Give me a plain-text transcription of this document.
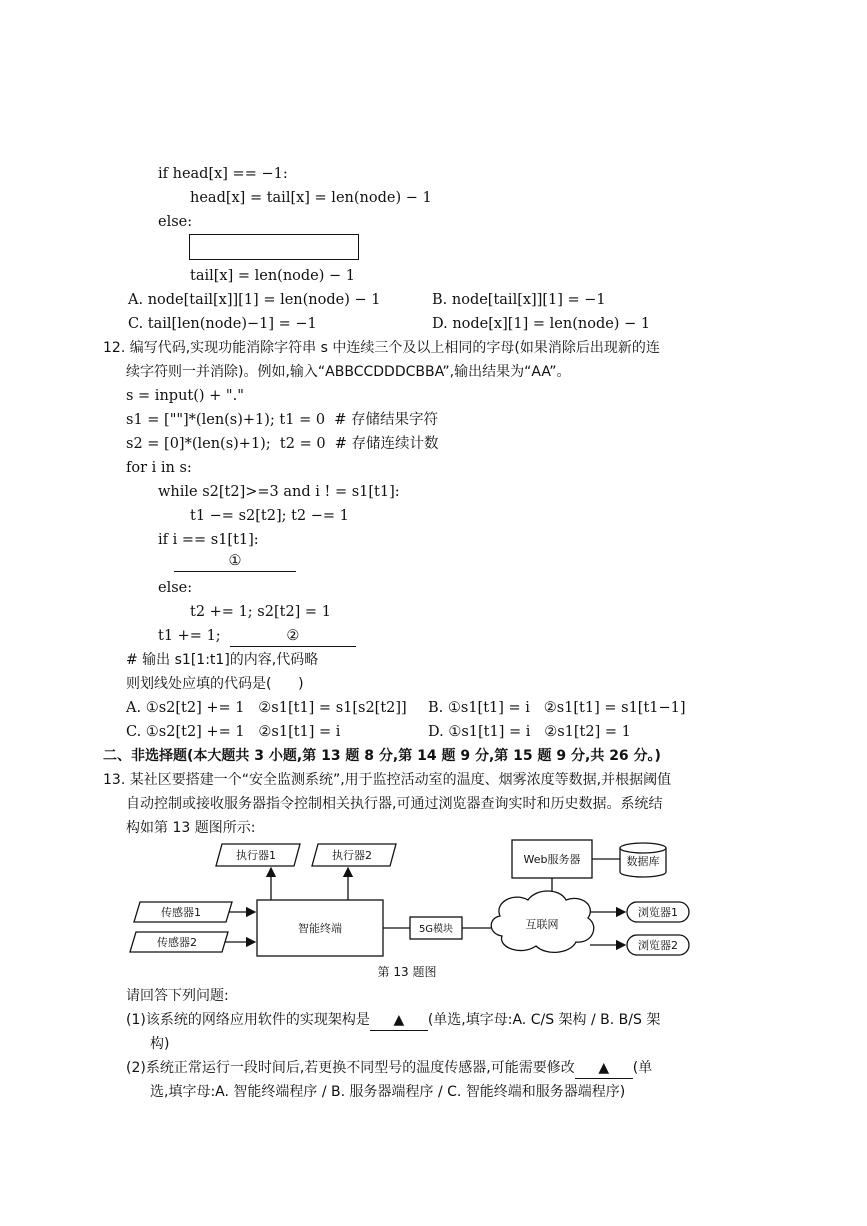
if head[x] == −1:
head[x] = tail[x] = len(node) − 1
else:
tail[x] = len(node) − 1
A. node[tail[x]][1] = len(node) − 1	B. node[tail[x]][1] = −1
C. tail[len(node)−1] = −1	D. node[x][1] = len(node) − 1
12. 编写代码,实现功能消除字符串 s 中连续三个及以上相同的字母(如果消除后出现新的连
续字符则一并消除)。例如,输入“ABBCCDDDCBBA”,输出结果为“AA”。
s = input() + "."
s1 = [""]*(len(s)+1); t1 = 0  # 存储结果字符
s2 = [0]*(len(s)+1);  t2 = 0  # 存储连续计数
for i in s:
while s2[t2]>=3 and i ! = s1[t1]:
t1 −= s2[t2]; t2 −= 1
if i == s1[t1]:
①
else:
t2 += 1; s2[t2] = 1
t1 += 1;	②
# 输出 s1[1:t1]的内容,代码略
则划线处应填的代码是(      )
A. ①s2[t2] += 1   ②s1[t1] = s1[s2[t2]] B. ①s1[t1] = i   ②s1[t1] = s1[t1−1]
C. ①s2[t2] += 1   ②s1[t1] = i	D. ①s1[t1] = i   ②s1[t2] = 1
二、非选择题(本大题共 3 小题,第 13 题 8 分,第 14 题 9 分,第 15 题 9 分,共 26 分。)
13. 某社区要搭建一个“安全监测系统”,用于监控活动室的温度、烟雾浓度等数据,并根据阈值
自动控制或接收服务器指令控制相关执行器,可通过浏览器查询实时和历史数据。系统结
构如第 13 题图所示:
执行器1	执行器2
传感器1
传感器2
智能终端	5G模块	互联网
Web服务器	数据库
浏览器1
浏览器2
第 13 题图
请回答下列问题:
(1)该系统的网络应用软件的实现架构是 ▲ (单选,填字母:A. C/S 架构 / B. B/S 架
构)
(2)系统正常运行一段时间后,若更换不同型号的温度传感器,可能需要修改 ▲ (单
选,填字母:A. 智能终端程序 / B. 服务器端程序 / C. 智能终端和服务器端程序)
